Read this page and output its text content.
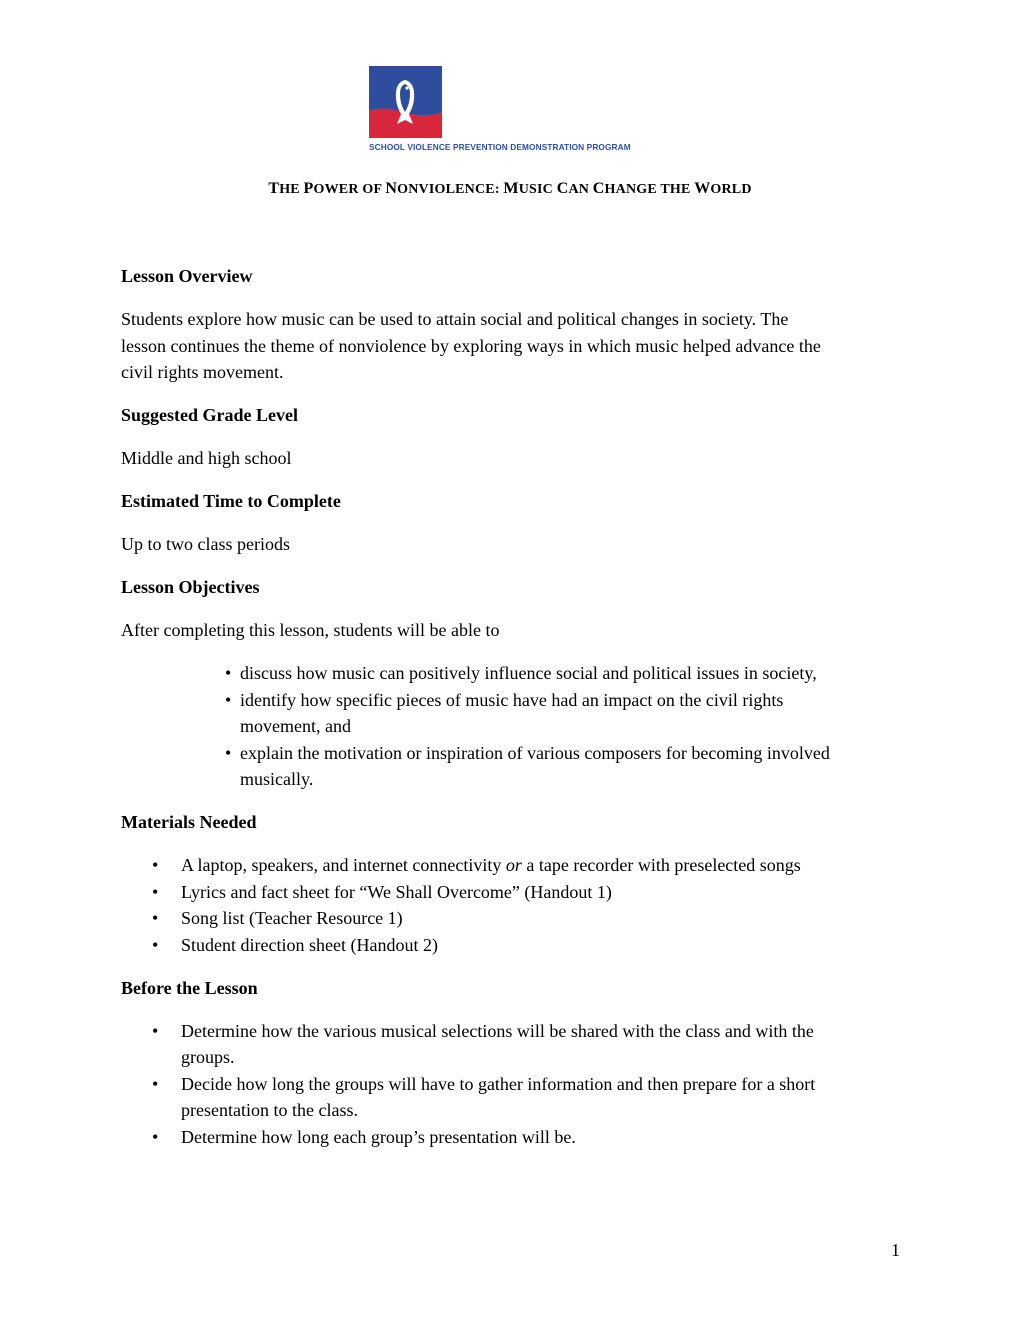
SCHOOL VIOLENCE PREVENTION DEMONSTRATION PROGRAM
THE POWER OF NONVIOLENCE: MUSIC CAN CHANGE THE WORLD
Lesson Overview
Students explore how music can be used to attain social and political changes in society. The
lesson continues the theme of nonviolence by exploring ways in which music helped advance the
civil rights movement.
Suggested Grade Level
Middle and high school
Estimated Time to Complete
Up to two class periods
Lesson Objectives
After completing this lesson, students will be able to
• discuss how music can positively influence social and political issues in society,
• identify how specific pieces of music have had an impact on the civil rights
movement, and
• explain the motivation or inspiration of various composers for becoming involved
musically.
Materials Needed
• A laptop, speakers, and internet connectivity or a tape recorder with preselected songs
• Lyrics and fact sheet for “We Shall Overcome” (Handout 1)
• Song list (Teacher Resource 1)
• Student direction sheet (Handout 2)
Before the Lesson
• Determine how the various musical selections will be shared with the class and with the
groups.
• Decide how long the groups will have to gather information and then prepare for a short
presentation to the class.
• Determine how long each group’s presentation will be.
1
